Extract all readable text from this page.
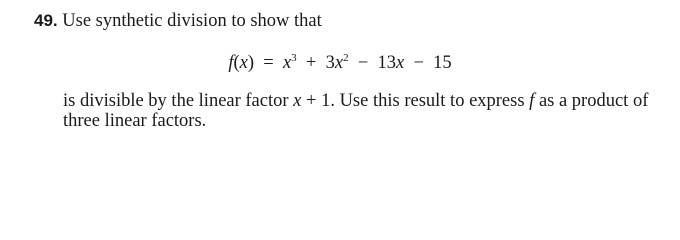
49. Use synthetic division to show that
$f(x) = x^3 + 3x^2 - 13x - 15$
is divisible by the linear factor x + 1. Use this result to express f as a product of three linear factors.
